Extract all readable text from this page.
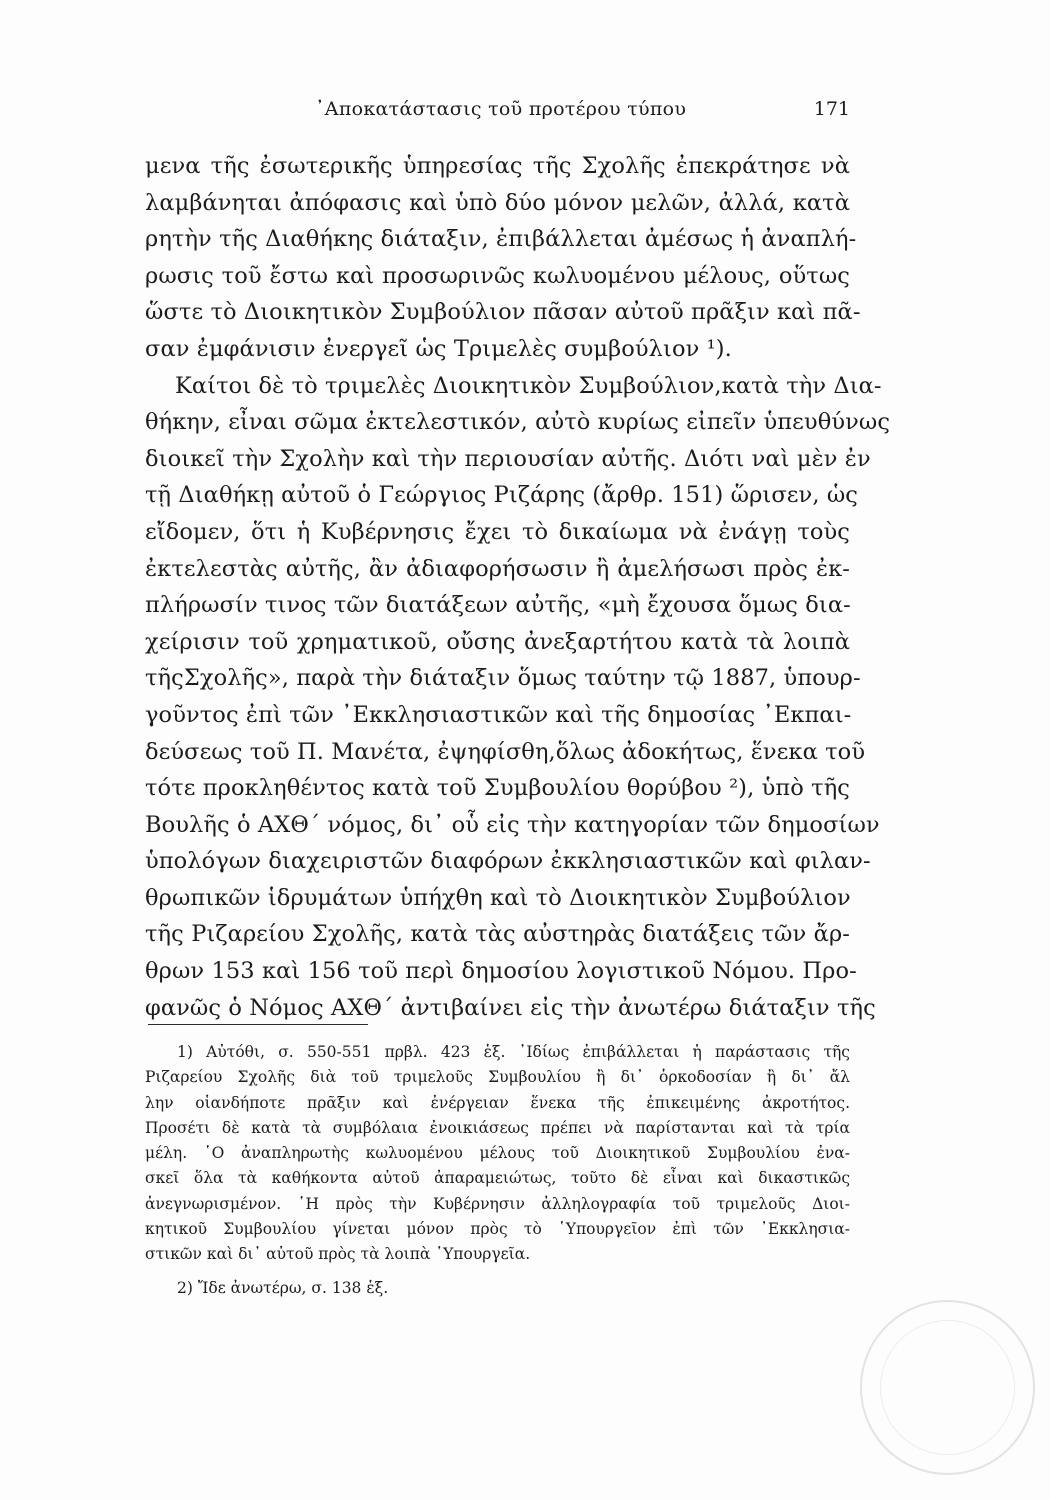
᾿Αποκατάστασις τοῦ προτέρου τύπου	171
μενα τῆς ἐσωτερικῆς ὑπηρεσίας τῆς Σχολῆς ἐπεκράτησε νὰ
λαμβάνηται ἀπόφασις καὶ ὑπὸ δύο μόνον μελῶν, ἀλλά, κατὰ
ρητὴν τῆς Διαθήκης διάταξιν, ἐπιβάλλεται ἀμέσως ἡ ἀναπλή-
ρωσις τοῦ ἔστω καὶ προσωρινῶς κωλυομένου μέλους, οὕτως
ὥστε τὸ Διοικητικὸν Συμβούλιον πᾶσαν αὐτοῦ πρᾶξιν καὶ πᾶ-
σαν ἐμφάνισιν ἐνεργεῖ ὡς Τριμελὲς συμβούλιον ¹).
Καίτοι δὲ τὸ τριμελὲς Διοικητικὸν Συμβούλιον,κατὰ τὴν Δια-
θήκην, εἶναι σῶμα ἐκτελεστικόν, αὐτὸ κυρίως εἰπεῖν ὑπευθύνως
διοικεῖ τὴν Σχολὴν καὶ τὴν περιουσίαν αὐτῆς. Διότι ναὶ μὲν ἐν
τῇ Διαθήκῃ αὐτοῦ ὁ Γεώργιος Ριζάρης (ἄρθρ. 151) ὥρισεν, ὡς
εἴδομεν, ὅτι ἡ Κυβέρνησις ἔχει τὸ δικαίωμα νὰ ἐνάγῃ τοὺς
ἐκτελεστὰς αὐτῆς, ἂν ἀδιαφορήσωσιν ἢ ἀμελήσωσι πρὸς ἐκ-
πλήρωσίν τινος τῶν διατάξεων αὐτῆς, «μὴ ἔχουσα ὅμως δια-
χείρισιν τοῦ χρηματικοῦ, οὔσης ἀνεξαρτήτου κατὰ τὰ λοιπὰ
τῆςΣχολῆς», παρὰ τὴν διάταξιν ὅμως ταύτην τῷ 1887, ὑπουρ-
γοῦντος ἐπὶ τῶν ᾿Εκκλησιαστικῶν καὶ τῆς δημοσίας ᾿Εκπαι-
δεύσεως τοῦ Π. Μανέτα, ἐψηφίσθη,ὅλως ἀδοκήτως, ἕνεκα τοῦ
τότε προκληθέντος κατὰ τοῦ Συμβουλίου θορύβου ²), ὑπὸ τῆς
Βουλῆς ὁ ΑΧΘ´ νόμος, δι᾿ οὗ εἰς τὴν κατηγορίαν τῶν δημοσίων
ὑπολόγων διαχειριστῶν διαφόρων ἐκκλησιαστικῶν καὶ φιλαν-
θρωπικῶν ἱδρυμάτων ὑπήχθη καὶ τὸ Διοικητικὸν Συμβούλιον
τῆς Ριζαρείου Σχολῆς, κατὰ τὰς αὐστηρὰς διατάξεις τῶν ἄρ-
θρων 153 καὶ 156 τοῦ περὶ δημοσίου λογιστικοῦ Νόμου. Προ-
φανῶς ὁ Νόμος ΑΧΘ´ ἀντιβαίνει εἰς τὴν ἀνωτέρω διάταξιν τῆς
1) Αὐτόθι, σ. 550-551 πρβλ. 423 ἑξ. ᾿Ιδίως ἐπιβάλλεται ἡ παράστασις τῆς
Ριζαρείου Σχολῆς διὰ τοῦ τριμελοῦς Συμβουλίου ἢ δι᾿ ὁρκοδοσίαν ἢ δι᾿ ἄλ
λην οἱανδήποτε πρᾶξιν καὶ ἐνέργειαν ἕνεκα τῆς ἐπικειμένης ἀκροτήτος.
Προσέτι δὲ κατὰ τὰ συμβόλαια ἐνοικιάσεως πρέπει νὰ παρίστανται καὶ τὰ τρία
μέλη. ῾Ο ἀναπληρωτὴς κωλυομένου μέλους τοῦ Διοικητικοῦ Συμβουλίου ἐνα-
σκεῖ ὅλα τὰ καθήκοντα αὐτοῦ ἀπαραμειώτως, τοῦτο δὲ εἶναι καὶ δικαστικῶς
ἀνεγνωρισμένον. ῾Η πρὸς τὴν Κυβέρνησιν ἀλληλογραφία τοῦ τριμελοῦς Διοι-
κητικοῦ Συμβουλίου γίνεται μόνον πρὸς τὸ ῾Υπουργεῖον ἐπὶ τῶν ᾿Εκκλησια-
στικῶν καὶ δι᾿ αὐτοῦ πρὸς τὰ λοιπὰ ῾Υπουργεῖα.
2) Ἴδε ἀνωτέρω, σ. 138 ἑξ.
